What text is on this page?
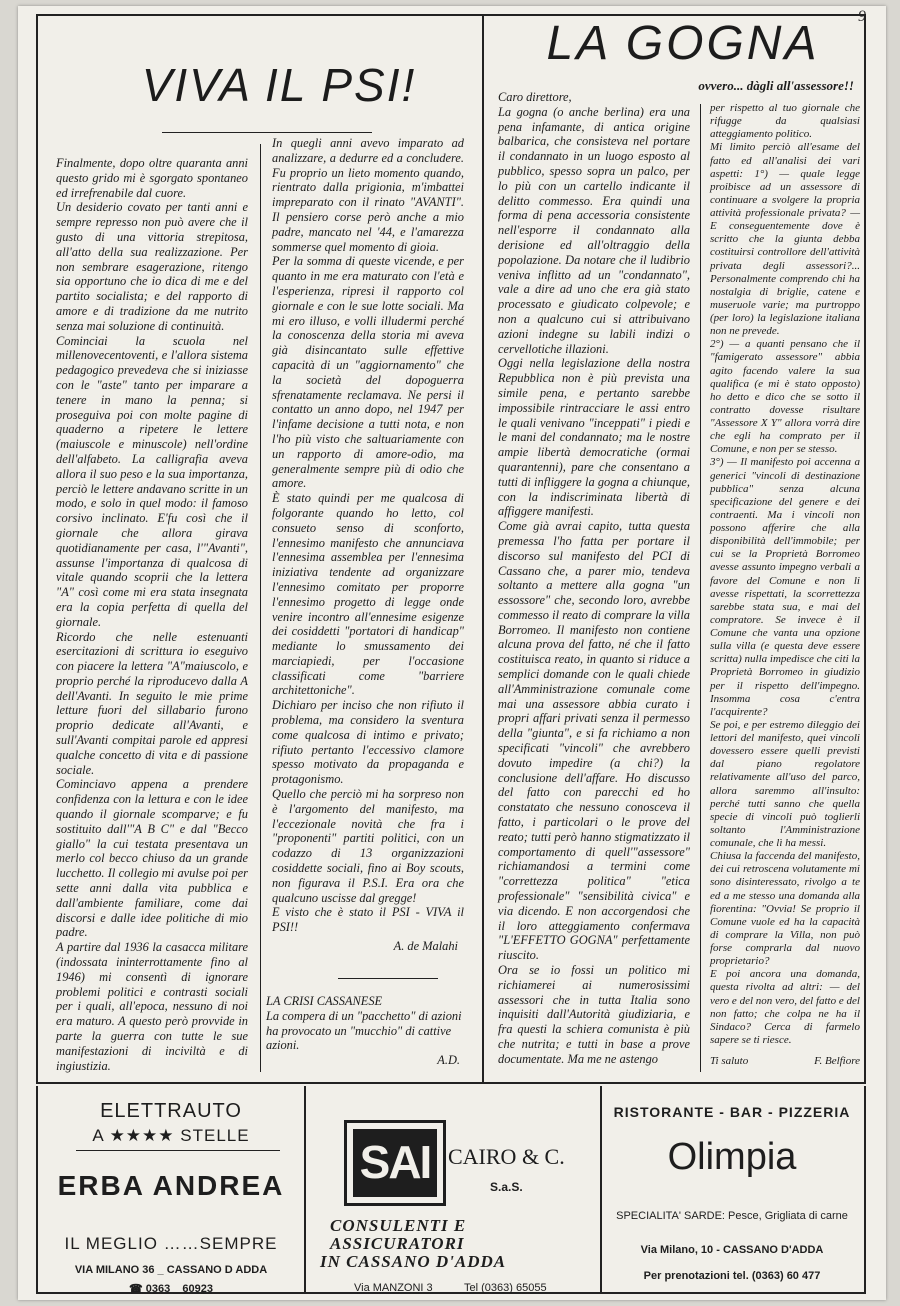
9
VIVA IL PSI!

Finalmente, dopo oltre quaranta anni questo grido mi è sgorgato spontaneo ed irrefrenabile dal cuore.

Un desiderio covato per tanti anni e sempre represso non può avere che il gusto di una vittoria strepitosa, all'atto della sua realizzazione. Per non sembrare esagerazione, ritengo sia opportuno che io dica di me e del partito socialista; e del rapporto di amore e di tradizione da me nutrito senza mai soluzione di continuità.

Cominciai la scuola nel millenovecentoventi, e l'allora sistema pedagogico prevedeva che si iniziasse con le "aste" tanto per imparare a tenere in mano la penna; si proseguiva poi con molte pagine di quaderno a ripetere le lettere (maiuscole e minuscole) nell'ordine dell'alfabeto. La calligrafia aveva allora il suo peso e la sua importanza, perciò le lettere andavano scritte in un modo, e solo in quel modo: il famoso corsivo inclinato. E'fu così che il giornale che allora girava quotidianamente per casa, l'"Avanti", assunse l'importanza di qualcosa di vitale quando scoprii che la lettera "A" così come mi era stata insegnata era la copia perfetta di quella del giornale.

Ricordo che nelle estenuanti esercitazioni di scrittura io eseguivo con piacere la lettera "A"maiuscolo, e proprio perché la riproducevo dalla A dell'Avanti. In seguito le mie prime letture fuori del sillabario furono proprio dedicate all'Avanti, e sull'Avanti compitai parole ed appresi qualche concetto di vita e di passione sociale.

Cominciavo appena a prendere confidenza con la lettura e con le idee quando il giornale scomparve; e fu sostituito dall'"A B C" e dal "Becco giallo" la cui testata presentava un merlo col becco chiuso da un grande lucchetto. Il collegio mi avulse poi per sette anni dalla vita pubblica e dall'ambiente familiare, come dai discorsi e dalle idee politiche di mio padre.

A partire dal 1936 la casacca militare (indossata ininterrottamente fino al 1946) mi consentì di ignorare problemi politici e contrasti sociali per i quali, all'epoca, nessuno di noi era maturo. A questo però provvide in parte la guerra con tutte le sue manifestazioni di inciviltà e di ingiustizia.

In quegli anni avevo imparato ad analizzare, a dedurre ed a concludere. Fu proprio un lieto momento quando, rientrato dalla prigionia, m'imbattei impreparato con il rinato "AVANTI". Il pensiero corse però anche a mio padre, mancato nel '44, e l'amarezza sommerse quel momento di gioia.

Per la somma di queste vicende, e per quanto in me era maturato con l'età e l'esperienza, ripresi il rapporto col giornale e con le sue lotte sociali. Ma mi ero illuso, e volli illudermi perché la conoscenza della storia mi aveva già disincantato sulle effettive capacità di un "aggiornamento" che la società del dopoguerra sfrenatamente reclamava. Ne persi il contatto un anno dopo, nel 1947 per l'infame decisione a tutti nota, e non l'ho più visto che saltuariamente con un rapporto di amore-odio, ma generalmente sempre più di odio che amore.

È stato quindi per me qualcosa di folgorante quando ho letto, col consueto senso di sconforto, l'ennesimo manifesto che annunciava l'ennesima assemblea per l'ennesima iniziativa tendente ad organizzare l'ennesimo comitato per proporre l'ennesimo progetto di legge onde venire incontro all'ennesime esigenze dei cosiddetti "portatori di handicap" mediante lo smussamento dei marciapiedi, per l'occasione classificati come "barriere architettoniche".

Dichiaro per inciso che non rifiuto il problema, ma considero la sventura come qualcosa di intimo e privato; rifiuto pertanto l'eccessivo clamore spesso motivato da propaganda e protagonismo.

Quello che perciò mi ha sorpreso non è l'argomento del manifesto, ma l'eccezionale novità che fra i "proponenti" partiti politici, con un codazzo di 13 organizzazioni cosiddette sociali, fino ai Boy scouts, non figurava il P.S.I. Era ora che qualcuno uscisse dal gregge!

E visto che è stato il PSI - VIVA il PSI!!

A. de Malahi

LA CRISI CASSANESE
La compera di un "pacchetto" di azioni ha provocato un "mucchio" di cattive azioni.
A.D.
LA GOGNA
ovvero... dàgli all'assessore!!

Caro direttore,

La gogna (o anche berlina) era una pena infamante, di antica origine balbarica, che consisteva nel portare il condannato in un luogo esposto al pubblico, spesso sopra un palco, per lo più con un cartello indicante il delitto commesso. Era quindi una forma di pena accessoria consistente nell'esporre il condannato alla derisione ed all'oltraggio della popolazione. Da notare che il ludibrio veniva inflitto ad un "condannato", vale a dire ad uno che era già stato processato e giudicato colpevole; e non a qualcuno cui si attribuivano azioni indegne su labili indizi o cervellotiche illazioni.

Oggi nella legislazione della nostra Repubblica non è più prevista una simile pena, e pertanto sarebbe impossibile rintracciare le assi entro le quali venivano "inceppati" i piedi e le mani del condannato; ma le nostre ampie libertà democratiche (ormai quarantenni), pare che consentano a tutti di infliggere la gogna a chiunque, con la indiscriminata libertà di affiggere manifesti.

Come già avrai capito, tutta questa premessa l'ho fatta per portare il discorso sul manifesto del PCI di Cassano che, a parer mio, tendeva soltanto a mettere alla gogna "un essossore" che, secondo loro, avrebbe commesso il reato di comprare la villa Borromeo. Il manifesto non contiene alcuna prova del fatto, né che il fatto costituisca reato, in quanto si riduce a semplici domande con le quali chiede all'Amministrazione comunale come mai una assessore abbia curato i propri affari privati senza il permesso della "giunta", e si fa richiamo a non specificati "vincoli" che avrebbero dovuto impedire (a chi?) la conclusione dell'affare. Ho discusso del fatto con parecchi ed ho constatato che nessuno conosceva il fatto, i particolari o le prove del reato; tutti però hanno stigmatizzato il comportamento di quell'"assessore" richiamandosi a termini come "correttezza politica" "etica professionale" "sensibilità civica" e via dicendo. E non accorgendosi che il loro atteggiamento confermava "L'EFFETTO GOGNA" perfettamente riuscito.

Ora se io fossi un politico mi richiamerei ai numerosissimi assessori che in tutta Italia sono inquisiti dall'Autorità giudiziaria, e fra questi la schiera comunista è più che nutrita; e tutti in base a prove documentate. Ma me ne astengo

per rispetto al tuo giornale che rifugge da qualsiasi atteggiamento politico.

Mi limito perciò all'esame del fatto ed all'analisi dei vari aspetti: 1°) — quale legge proibisce ad un assessore di continuare a svolgere la propria attività professionale privata? — E conseguentemente dove è scritto che la giunta debba costituirsi controllore dell'attività privata degli assessori?... Personalmente comprendo chi ha nostalgia di briglie, catene e museruole varie; ma purtroppo (per loro) la legislazione italiana non ne prevede.

2°) — a quanti pensano che il "famigerato assessore" abbia agito facendo valere la sua qualifica (e mi è stato opposto) ho detto e dico che se sotto il contratto dovesse risultare "Assessore X Y" allora vorrà dire che egli ha comprato per il Comune, e non per se stesso.

3°) — Il manifesto poi accenna a generici "vincoli di destinazione pubblica" senza alcuna specificazione del genere e dei contraenti. Ma i vincoli non possono afferire che alla disponibilità dell'immobile; per cui se la Proprietà Borromeo avesse assunto impegno verbali a favore del Comune e non li avesse rispettati, la scorrettezza sarebbe stata sua, e mai del compratore. Se invece è il Comune che vanta una opzione sulla villa (e questa deve essere scritta) nulla impedisce che citi la Proprietà Borromeo in giudizio per il rispetto dell'impegno. Insomma cosa c'entra l'acquirente?

Se poi, e per estremo dileggio dei lettori del manifesto, quei vincoli dovessero essere quelli previsti dal piano regolatore relativamente all'uso del parco, allora saremmo all'insulto: perché tutti sanno che quella specie di vincoli può toglierli soltanto l'Amministrazione comunale, che lì ha messi.

Chiusa la faccenda del manifesto, dei cui retroscena volutamente mi sono disinteressato, rivolgo a te ed a me stesso una domanda alla fiorentina: "Ovvia! Se proprio il Comune vuole ed ha la capacità di comprare la Villa, non può forse comprarla dal nuovo proprietario?

E poi ancora una domanda, questa rivolta ad altri: — del vero e del non vero, del fatto e del non fatto; che colpa ne ha il Sindaco? Cerca di farmelo sapere se ti riesce.

Ti saluto	F. Belfiore
ELETTRAUTO
A ★★★★ STELLE
ERBA ANDREA
IL MEGLIO ……SEMPRE
VIA MILANO 36 _ CASSANO D ADDA
☎ 0363 _ 60923
SAI CAIRO & C.
S.a.S.
CONSULENTI E
ASSICURATORI
IN CASSANO D'ADDA
Via MANZONI 3	Tel (0363) 65055
RISTORANTE - BAR - PIZZERIA
Olimpia
SPECIALITA' SARDE: Pesce, Grigliata di carne
Via Milano, 10 - CASSANO D'ADDA
Per prenotazioni tel. (0363) 60 477
